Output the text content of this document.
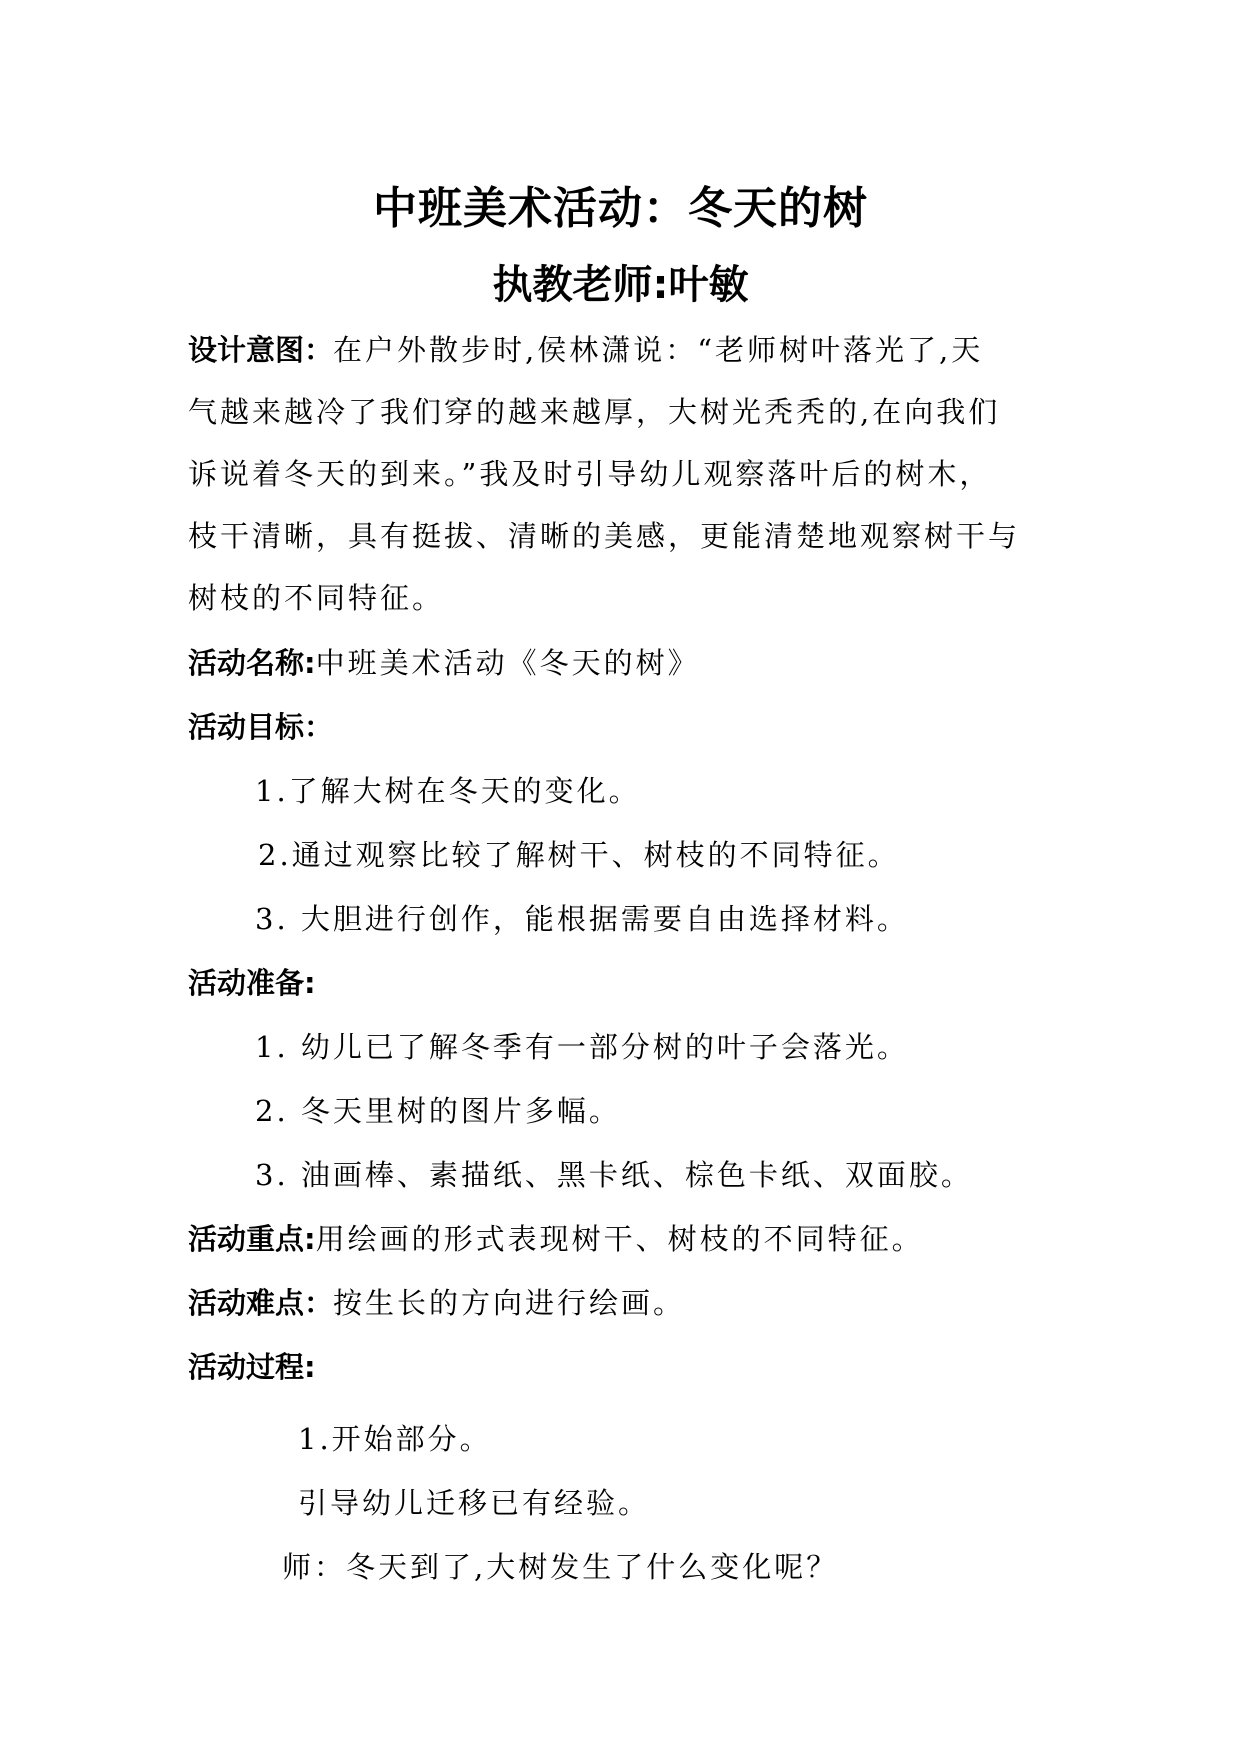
中班美术活动：冬天的树
执教老师:叶敏
设计意图：在户外散步时,侯林潇说：“老师树叶落光了,天
气越来越冷了我们穿的越来越厚，大树光秃秃的,在向我们
诉说着冬天的到来。”我及时引导幼儿观察落叶后的树木，
枝干清晰，具有挺拔、清晰的美感，更能清楚地观察树干与
树枝的不同特征。
活动名称:中班美术活动《冬天的树》
活动目标：
1.了解大树在冬天的变化。
2.通过观察比较了解树干、树枝的不同特征。
3. 大胆进行创作，能根据需要自由选择材料。
活动准备:
1. 幼儿已了解冬季有一部分树的叶子会落光。
2. 冬天里树的图片多幅。
3. 油画棒、素描纸、黑卡纸、棕色卡纸、双面胶。
活动重点:用绘画的形式表现树干、树枝的不同特征。
活动难点：按生长的方向进行绘画。
活动过程:
1.开始部分。
引导幼儿迁移已有经验。
师：冬天到了,大树发生了什么变化呢？
